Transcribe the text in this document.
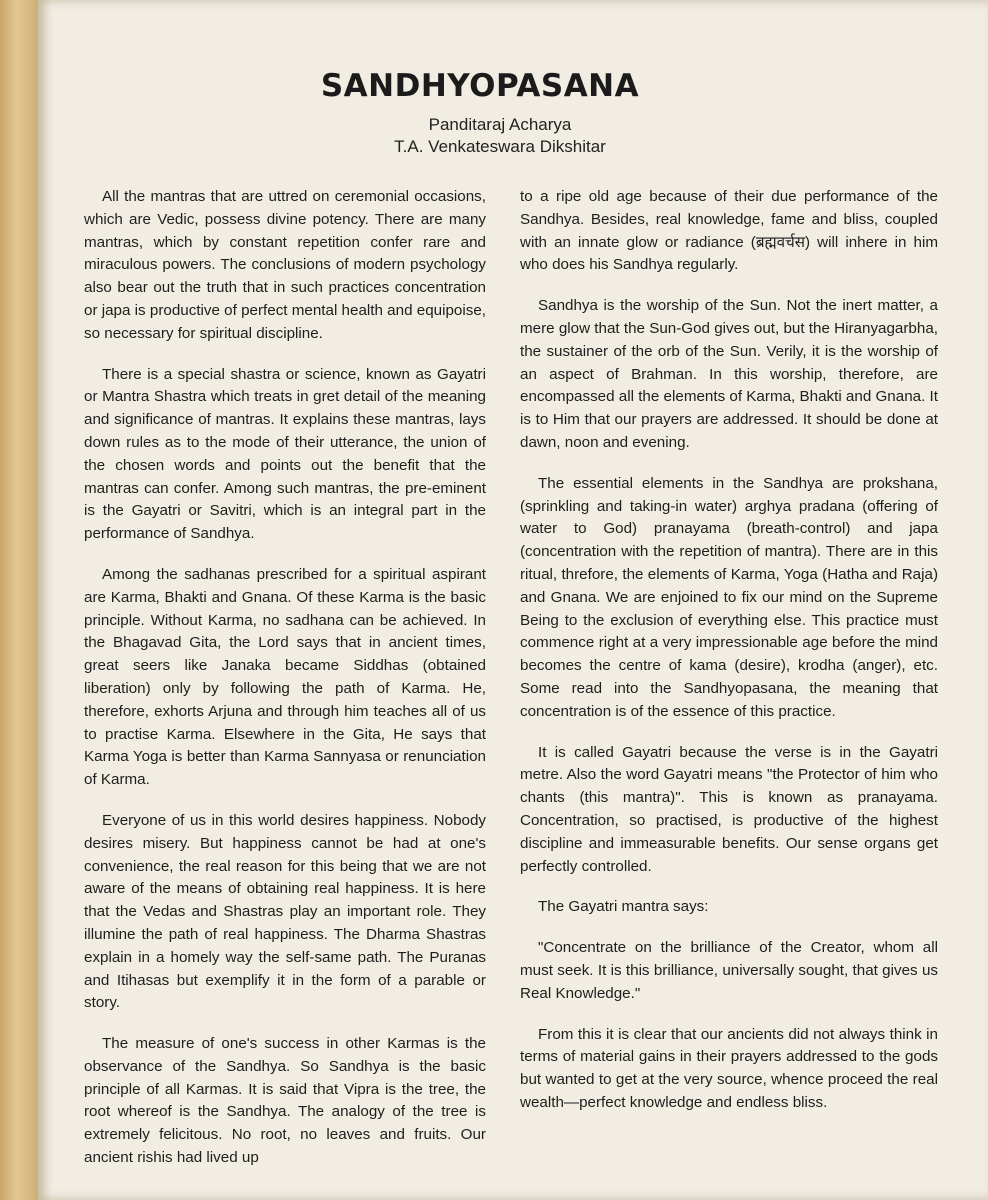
SANDHYOPASANA
Panditaraj Acharya
T.A. Venkateswara Dikshitar

All the mantras that are uttred on ceremonial occasions, which are Vedic, possess divine potency. There are many mantras, which by constant repetition confer rare and miraculous powers. The conclusions of modern psychology also bear out the truth that in such practices concentration or japa is productive of perfect mental health and equipoise, so necessary for spiritual discipline.

There is a special shastra or science, known as Gayatri or Mantra Shastra which treats in gret detail of the meaning and significance of mantras. It explains these mantras, lays down rules as to the mode of their utterance, the union of the chosen words and points out the benefit that the mantras can confer. Among such mantras, the pre-eminent is the Gayatri or Savitri, which is an integral part in the performance of Sandhya.

Among the sadhanas prescribed for a spiritual aspirant are Karma, Bhakti and Gnana. Of these Karma is the basic principle. Without Karma, no sadhana can be achieved. In the Bhagavad Gita, the Lord says that in ancient times, great seers like Janaka became Siddhas (obtained liberation) only by following the path of Karma. He, therefore, exhorts Arjuna and through him teaches all of us to practise Karma. Elsewhere in the Gita, He says that Karma Yoga is better than Karma Sannyasa or renunciation of Karma.

Everyone of us in this world desires happiness. Nobody desires misery. But happiness cannot be had at one's convenience, the real reason for this being that we are not aware of the means of obtaining real happiness. It is here that the Vedas and Shastras play an important role. They illumine the path of real happiness. The Dharma Shastras explain in a homely way the self-same path. The Puranas and Itihasas but exemplify it in the form of a parable or story.

The measure of one's success in other Karmas is the observance of the Sandhya. So Sandhya is the basic principle of all Karmas. It is said that Vipra is the tree, the root whereof is the Sandhya. The analogy of the tree is extremely felicitous. No root, no leaves and fruits. Our ancient rishis had lived up

to a ripe old age because of their due performance of the Sandhya. Besides, real knowledge, fame and bliss, coupled with an innate glow or radiance (ब्रह्मवर्चस) will inhere in him who does his Sandhya regularly.

Sandhya is the worship of the Sun. Not the inert matter, a mere glow that the Sun-God gives out, but the Hiranyagarbha, the sustainer of the orb of the Sun. Verily, it is the worship of an aspect of Brahman. In this worship, therefore, are encompassed all the elements of Karma, Bhakti and Gnana. It is to Him that our prayers are addressed. It should be done at dawn, noon and evening.

The essential elements in the Sandhya are prokshana, (sprinkling and taking-in water) arghya pradana (offering of water to God) pranayama (breath-control) and japa (concentration with the repetition of mantra). There are in this ritual, threfore, the elements of Karma, Yoga (Hatha and Raja) and Gnana. We are enjoined to fix our mind on the Supreme Being to the exclusion of everything else. This practice must commence right at a very impressionable age before the mind becomes the centre of kama (desire), krodha (anger), etc. Some read into the Sandhyopasana, the meaning that concentration is of the essence of this practice.

It is called Gayatri because the verse is in the Gayatri metre. Also the word Gayatri means "the Protector of him who chants (this mantra)". This is known as pranayama. Concentration, so practised, is productive of the highest discipline and immeasurable benefits. Our sense organs get perfectly controlled.

The Gayatri mantra says:

"Concentrate on the brilliance of the Creator, whom all must seek. It is this brilliance, universally sought, that gives us Real Knowledge."

From this it is clear that our ancients did not always think in terms of material gains in their prayers addressed to the gods but wanted to get at the very source, whence proceed the real wealth—perfect knowledge and endless bliss.
